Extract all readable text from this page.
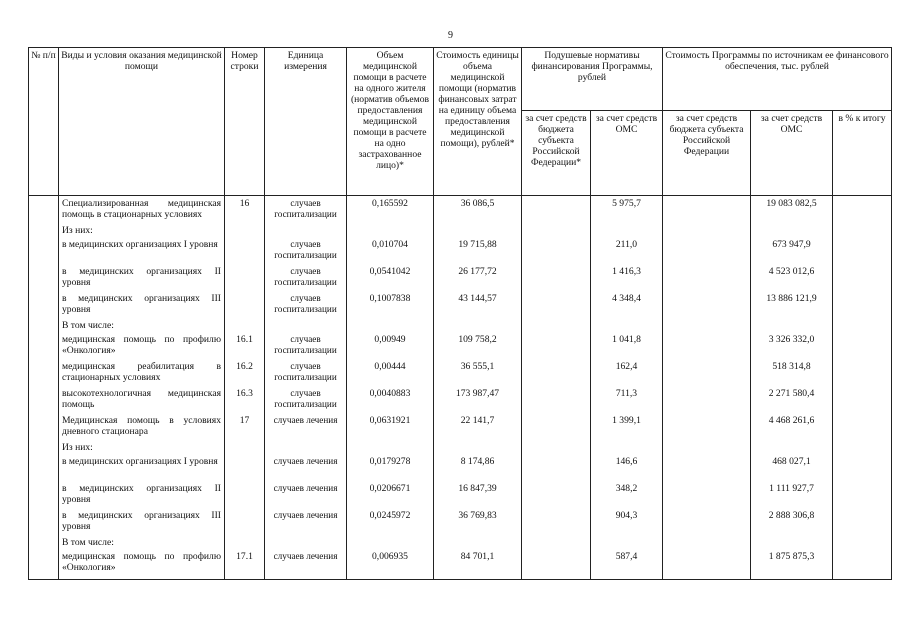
9
№ п/п	Виды и условия оказания медицинской помощи	Номер строки	Единица измерения	Объем медицинской помощи в расчете на одного жителя (норматив объемов предоставления медицинской помощи в расчете на одно застрахованное лицо)*	Стоимость единицы объема медицинской помощи (норматив финансовых затрат на единицу объема предоставления медицинской помощи), рублей*	Подушевые нормативы финансирования Программы, рублей		Стоимость Программы по источникам ее финансового обеспечения, тыс. рублей		
						за счет средств бюджета субъекта Российской Федерации*	за счет средств ОМС	за счет средств бюджета субъекта Российской Федерации	за счет средств ОМС	в % к итогу
	Специализированная медицинская помощь в стационарных условиях	16	случаев госпитализации	0,165592	36 086,5		5 975,7		19 083 082,5	
	Из них:									
	в медицинских организациях I уровня		случаев госпитализации	0,010704	19 715,88		211,0		673 947,9	
	в медицинских организациях II уровня		случаев госпитализации	0,0541042	26 177,72		1 416,3		4 523 012,6	
	в медицинских организациях III уровня		случаев госпитализации	0,1007838	43 144,57		4 348,4		13 886 121,9	
	В том числе:									
	медицинская помощь по профилю «Онкология»	16.1	случаев госпитализации	0,00949	109 758,2		1 041,8		3 326 332,0	
	медицинская реабилитация в стационарных условиях	16.2	случаев госпитализации	0,00444	36 555,1		162,4		518 314,8	
	высокотехнологичная медицинская помощь	16.3	случаев госпитализации	0,0040883	173 987,47		711,3		2 271 580,4	
	Медицинская помощь в условиях дневного стационара	17	случаев лечения	0,0631921	22 141,7		1 399,1		4 468 261,6	
	Из них:									
	в медицинских организациях I уровня		случаев лечения	0,0179278	8 174,86		146,6		468 027,1	
	в медицинских организациях II уровня		случаев лечения	0,0206671	16 847,39		348,2		1 111 927,7	
	в медицинских организациях III уровня		случаев лечения	0,0245972	36 769,83		904,3		2 888 306,8	
	В том числе:									
	медицинская помощь по профилю «Онкология»	17.1	случаев лечения	0,006935	84 701,1		587,4		1 875 875,3	
